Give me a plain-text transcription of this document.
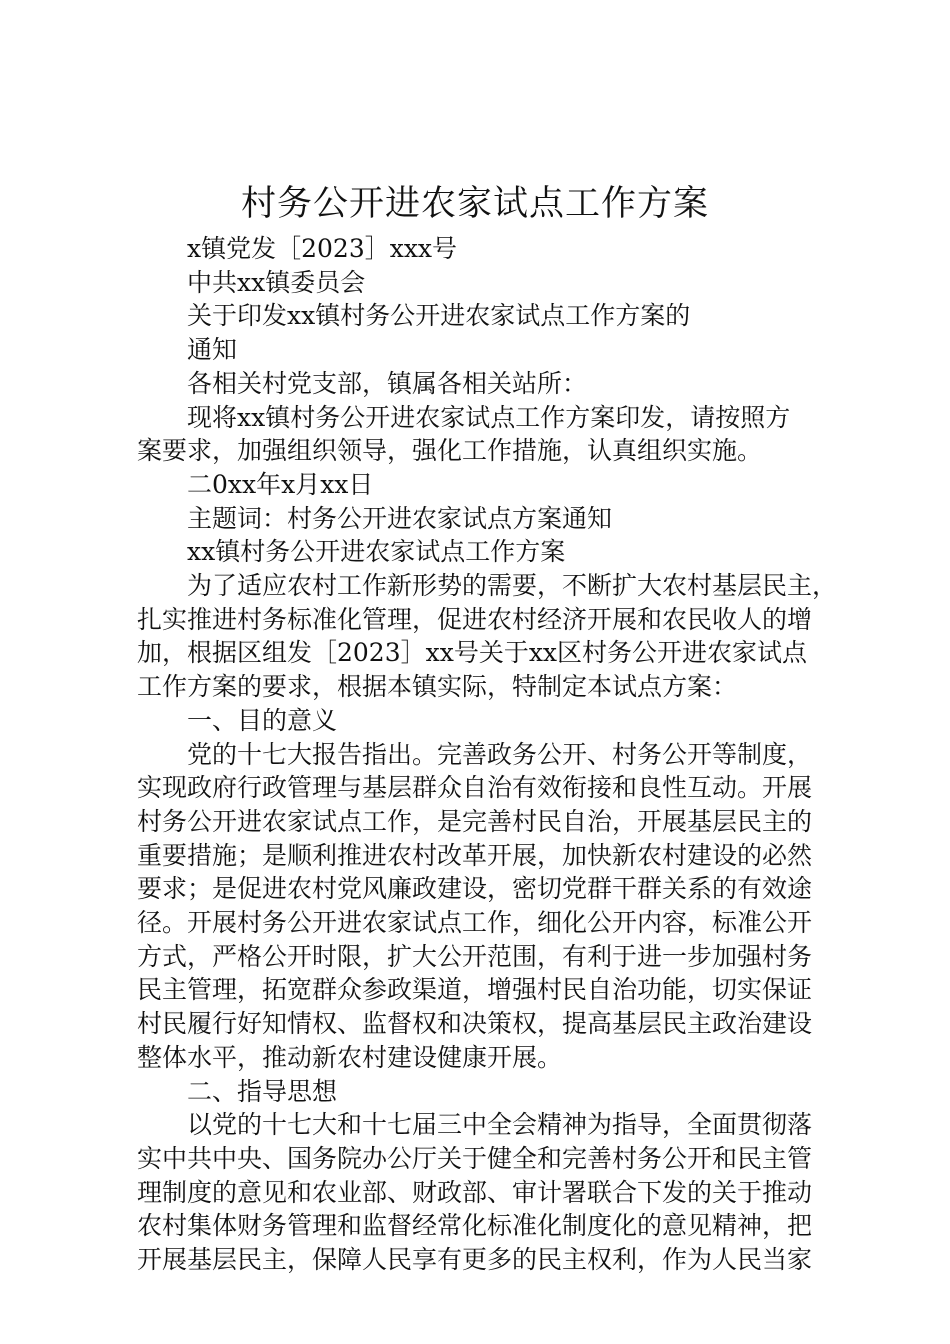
村务公开进农家试点工作方案

x镇党发［2023］xxx号

中共xx镇委员会

关于印发xx镇村务公开进农家试点工作方案的

通知

各相关村党支部，镇属各相关站所：

现将xx镇村务公开进农家试点工作方案印发，请按照方

案要求，加强组织领导，强化工作措施，认真组织实施。

二0xx年x月xx日

主题词：村务公开进农家试点方案通知

xx镇村务公开进农家试点工作方案

为了适应农村工作新形势的需要，不断扩大农村基层民主，

扎实推进村务标准化管理，促进农村经济开展和农民收人的增

加，根据区组发［2023］xx号关于xx区村务公开进农家试点

工作方案的要求，根据本镇实际，特制定本试点方案：

一、目的意义

党的十七大报告指出。完善政务公开、村务公开等制度，

实现政府行政管理与基层群众自治有效衔接和良性互动。开展

村务公开进农家试点工作，是完善村民自治，开展基层民主的

重要措施；是顺利推进农村改革开展，加快新农村建设的必然

要求；是促进农村党风廉政建设，密切党群干群关系的有效途

径。开展村务公开进农家试点工作，细化公开内容，标准公开

方式，严格公开时限，扩大公开范围，有利于进一步加强村务

民主管理，拓宽群众参政渠道，增强村民自治功能，切实保证

村民履行好知情权、监督权和决策权，提高基层民主政治建设

整体水平，推动新农村建设健康开展。

二、指导思想

以党的十七大和十七届三中全会精神为指导，全面贯彻落

实中共中央、国务院办公厅关于健全和完善村务公开和民主管

理制度的意见和农业部、财政部、审计署联合下发的关于推动

农村集体财务管理和监督经常化标准化制度化的意见精神，把

开展基层民主，保障人民享有更多的民主权利，作为人民当家
